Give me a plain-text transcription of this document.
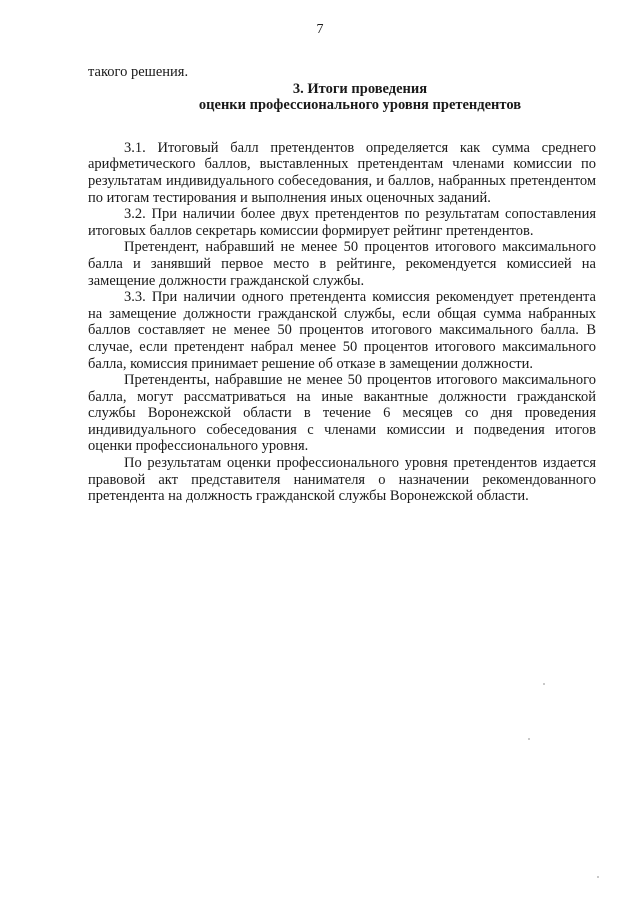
7

такого решения.

3. Итоги проведения

оценки профессионального уровня претендентов

3.1. Итоговый балл претендентов определяется как сумма среднего арифметического баллов, выставленных претендентам членами комиссии по результатам индивидуального собеседования, и баллов, набранных претендентом по итогам тестирования и выполнения иных оценочных заданий.

3.2. При наличии более двух претендентов по результатам сопоставления итоговых баллов секретарь комиссии формирует рейтинг претендентов.

Претендент, набравший не менее 50 процентов итогового максимального балла и занявший первое место в рейтинге, рекомендуется комиссией на замещение должности гражданской службы.

3.3. При наличии одного претендента комиссия рекомендует претендента на замещение должности гражданской службы, если общая сумма набранных баллов составляет не менее 50 процентов итогового максимального балла. В случае, если претендент набрал менее 50 процентов итогового максимального балла, комиссия принимает решение об отказе в замещении должности.

Претенденты, набравшие не менее 50 процентов итогового максимального балла, могут рассматриваться на иные вакантные должности гражданской службы Воронежской области в течение 6 месяцев со дня проведения индивидуального собеседования с членами комиссии и подведения итогов оценки профессионального уровня.

По результатам оценки профессионального уровня претендентов издается правовой акт представителя нанимателя о назначении рекомендованного претендента на должность гражданской службы Воронежской области.
